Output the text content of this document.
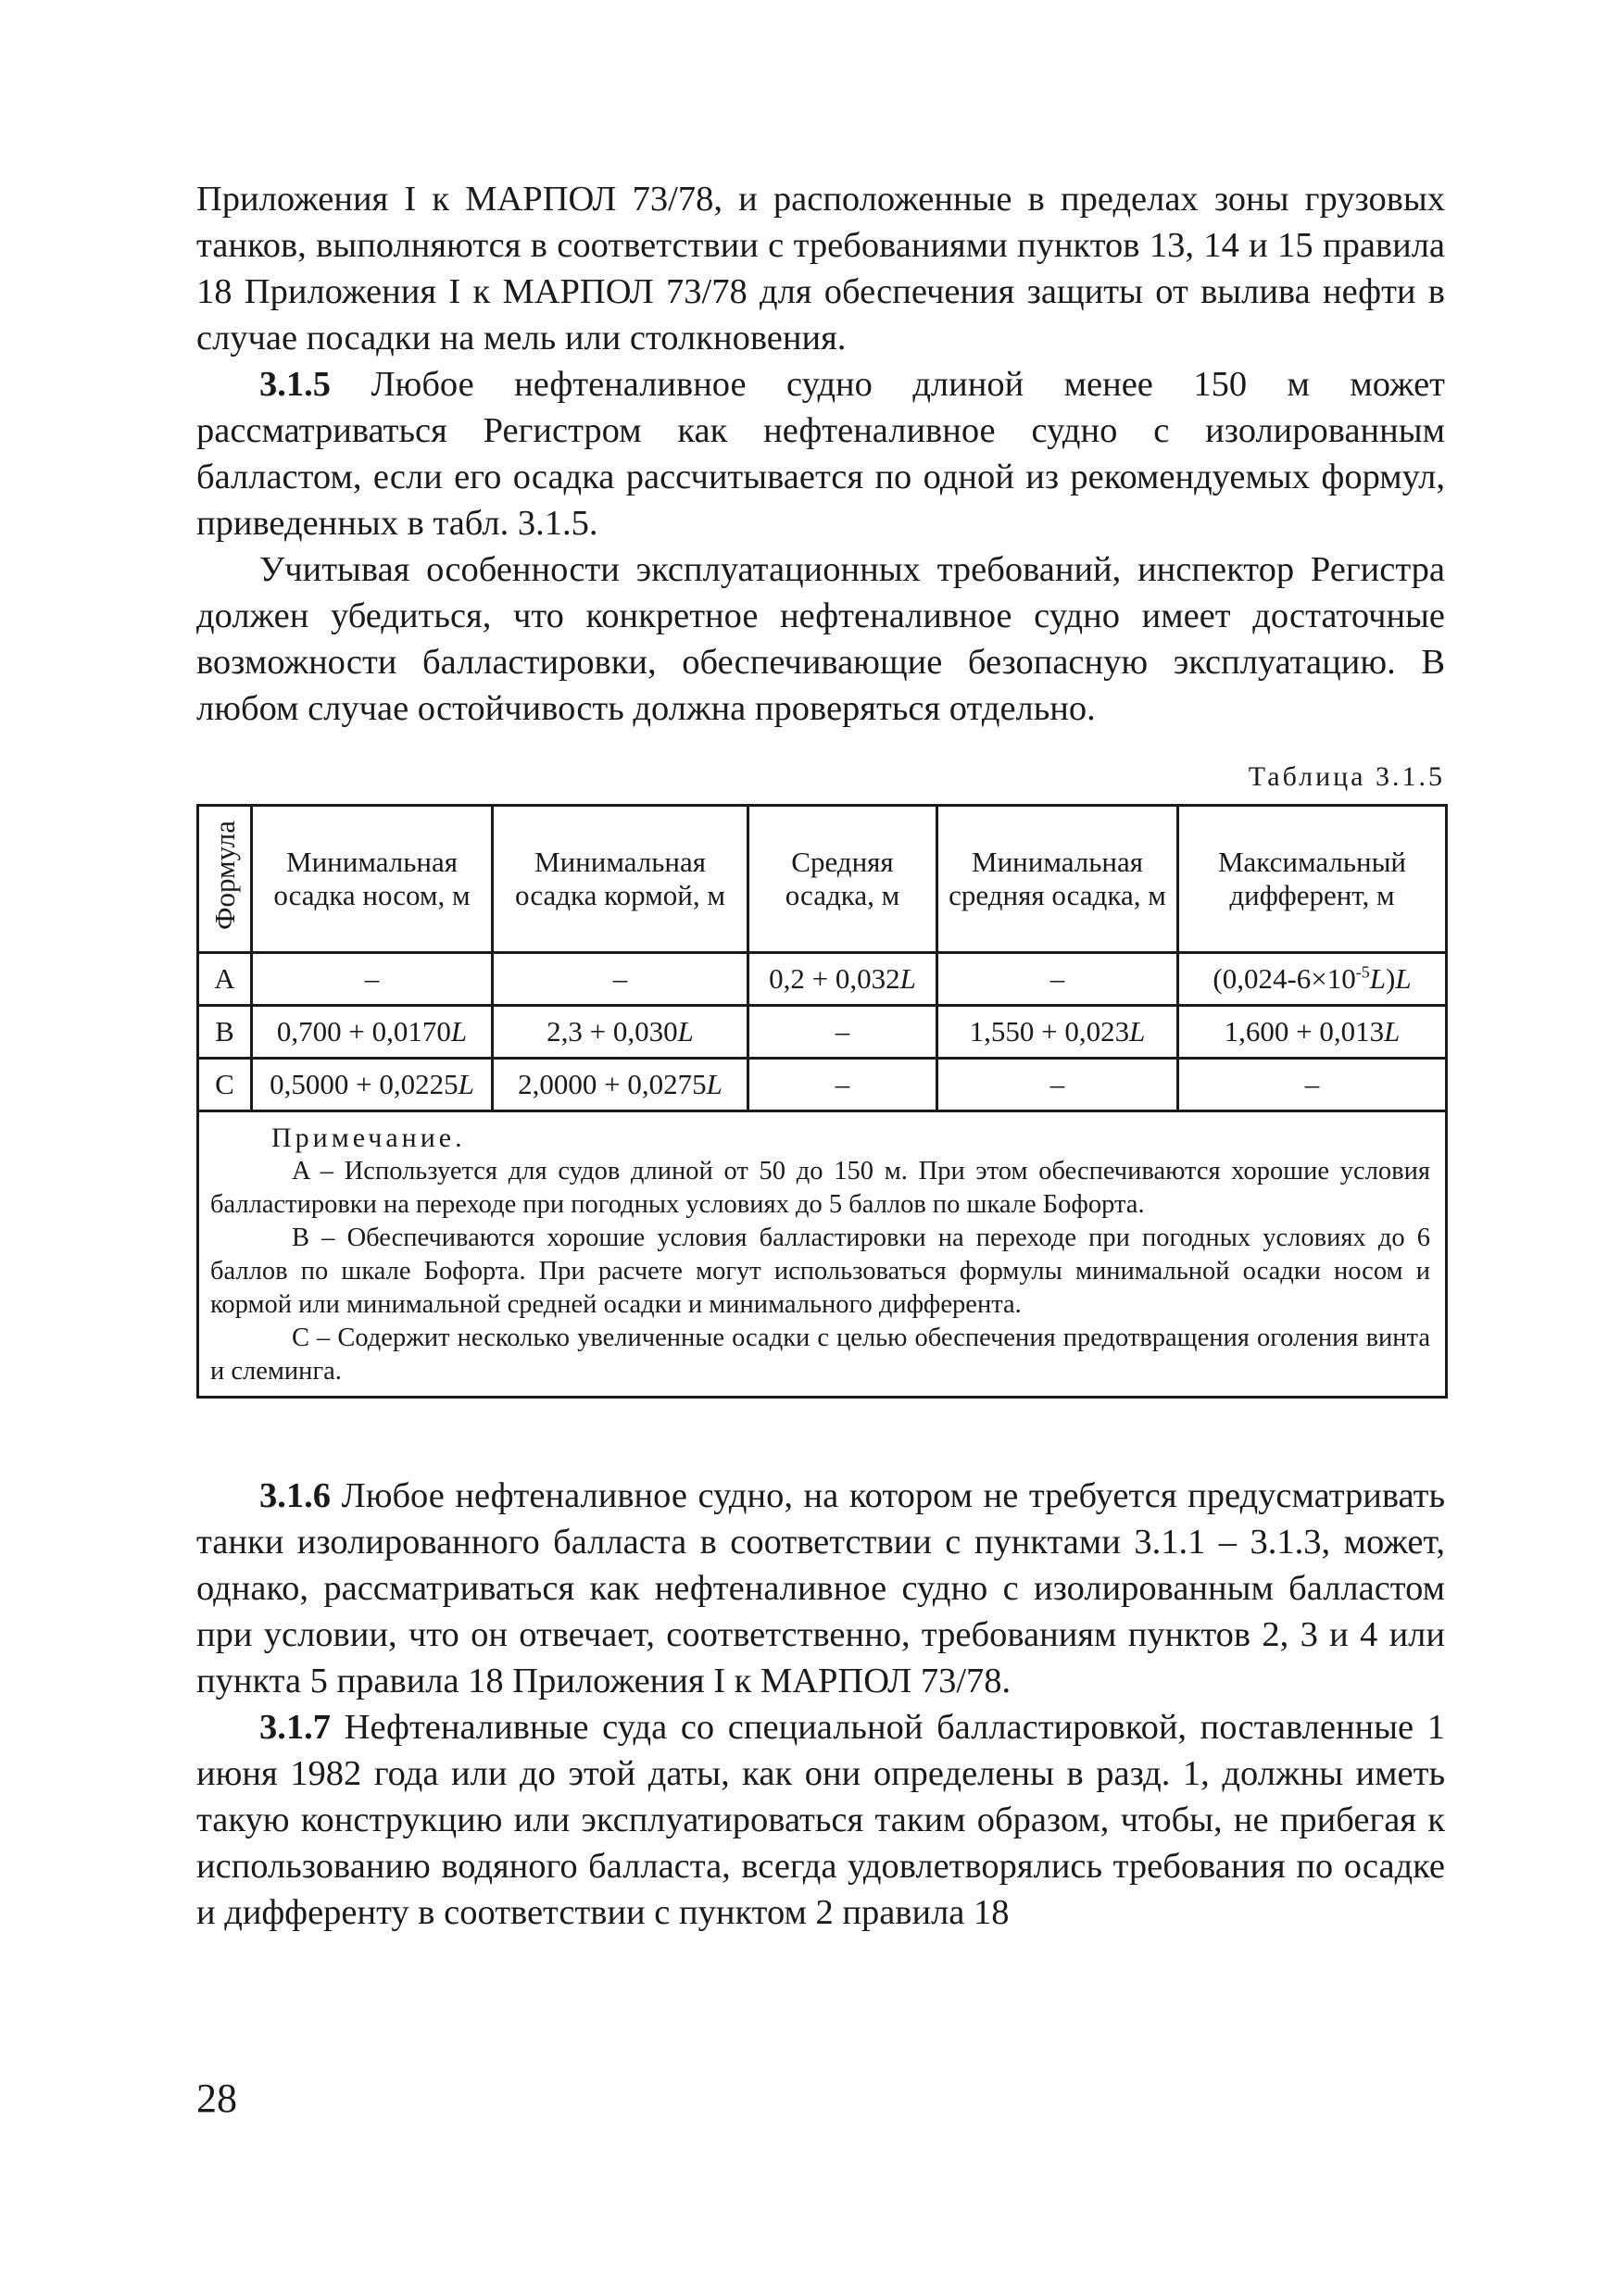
Приложения I к МАРПОЛ 73/78, и расположенные в пределах зоны грузовых танков, выполняются в соответствии с требованиями пунктов 13, 14 и 15 правила 18 Приложения I к МАРПОЛ 73/78 для обеспечения защиты от вылива нефти в случае посадки на мель или столкновения.

3.1.5 Любое нефтеналивное судно длиной менее 150 м может рассматриваться Регистром как нефтеналивное судно с изолированным балластом, если его осадка рассчитывается по одной из рекомендуемых формул, приведенных в табл. 3.1.5.

Учитывая особенности эксплуатационных требований, инспектор Регистра должен убедиться, что конкретное нефтеналивное судно имеет достаточные возможности балластировки, обеспечивающие безопасную эксплуатацию. В любом случае остойчивость должна проверяться отдельно.

Таблица 3.1.5
Формула	Минимальная осадка носом, м	Минимальная осадка кормой, м	Средняя осадка, м	Минимальная средняя осадка, м	Максимальный дифферент, м
A	–	–	0,2 + 0,032L	–	$(0,024-6\times 10^{-5}L)L$
B	0,700 + 0,0170L	2,3 + 0,030L	–	1,550 + 0,023L	1,600 + 0,013L
C	0,5000 + 0,0225L	2,0000 + 0,0275L	–	–	–

Примечание.

A – Используется для судов длиной от 50 до 150 м. При этом обеспечиваются хорошие условия балластировки на переходе при погодных условиях до 5 баллов по шкале Бофорта.

B – Обеспечиваются хорошие условия балластировки на переходе при погодных условиях до 6 баллов по шкале Бофорта. При расчете могут использоваться формулы минимальной осадки носом и кормой или минимальной средней осадки и минимального дифферента.

C – Содержит несколько увеличенные осадки с целью обеспечения предотвращения оголения винта и слеминга.					

3.1.6 Любое нефтеналивное судно, на котором не требуется предусматривать танки изолированного балласта в соответствии с пунктами 3.1.1 – 3.1.3, может, однако, рассматриваться как нефтеналивное судно с изолированным балластом при условии, что он отвечает, соответственно, требованиям пунктов 2, 3 и 4 или пункта 5 правила 18 Приложения I к МАРПОЛ 73/78.

3.1.7 Нефтеналивные суда со специальной балластировкой, поставленные 1 июня 1982 года или до этой даты, как они определены в разд. 1, должны иметь такую конструкцию или эксплуатироваться таким образом, чтобы, не прибегая к использованию водяного балласта, всегда удовлетворялись требования по осадке и дифференту в соответствии с пунктом 2 правила 18

28
